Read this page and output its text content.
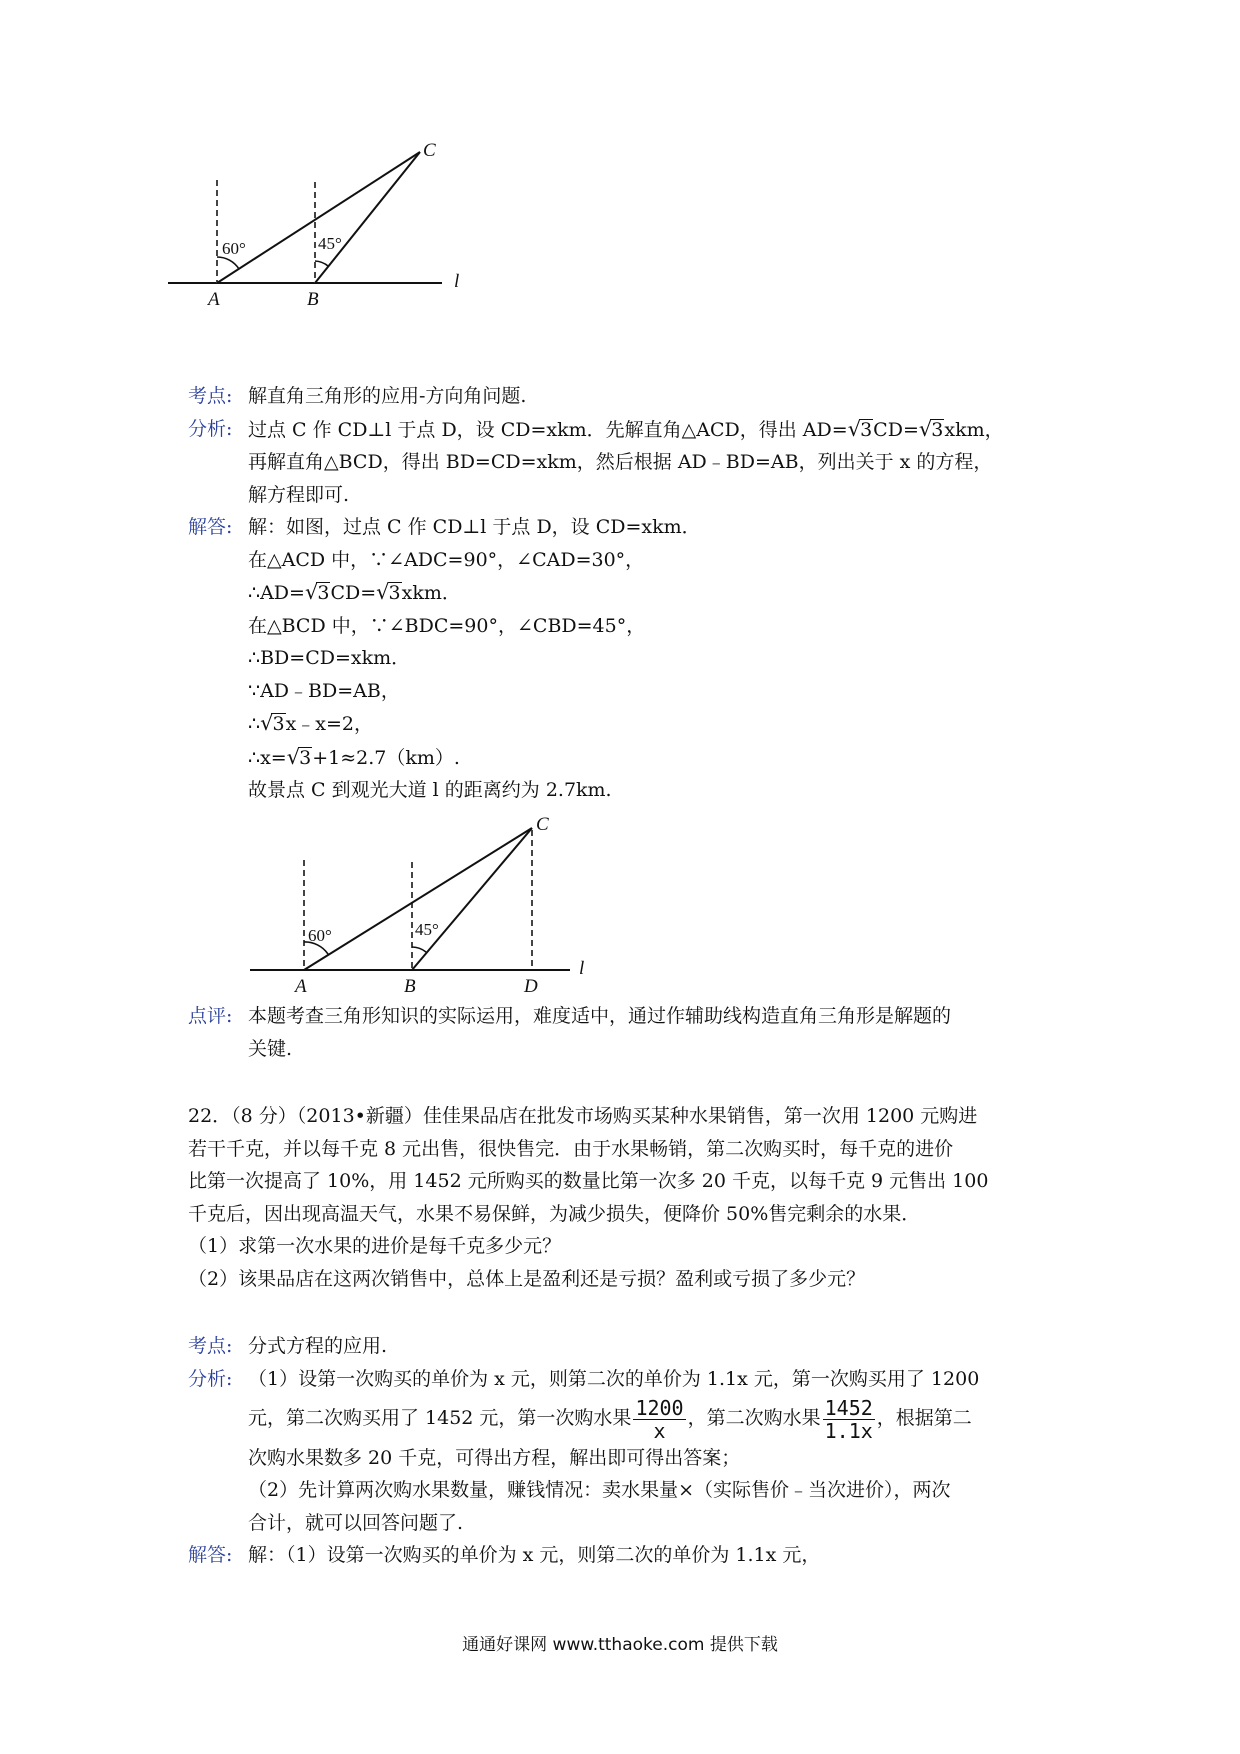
60°	45°
A	B
C
l
考点: 解直角三角形的应用-方向角问题.
分析: 过点 C 作 CD⊥l 于点 D，设 CD=xkm．先解直角△ACD，得出 AD=√3CD=√3xkm，
再解直角△BCD，得出 BD=CD=xkm，然后根据 AD﹣BD=AB，列出关于 x 的方程，
解方程即可.
解答: 解：如图，过点 C 作 CD⊥l 于点 D，设 CD=xkm．
在△ACD 中，∵∠ADC=90°，∠CAD=30°，
∴AD=√3CD=√3xkm．
在△BCD 中，∵∠BDC=90°，∠CBD=45°，
∴BD=CD=xkm．
∵AD﹣BD=AB，
∴√3x﹣x=2，
∴x=√3+1≈2.7（km）.
故景点 C 到观光大道 l 的距离约为 2.7km.
60°	45°
A	B	D
C
l
点评: 本题考查三角形知识的实际运用，难度适中，通过作辅助线构造直角三角形是解题的
关键.
22．（8 分）（2013•新疆）佳佳果品店在批发市场购买某种水果销售，第一次用 1200 元购进
若干千克，并以每千克 8 元出售，很快售完．由于水果畅销，第二次购买时，每千克的进价
比第一次提高了 10%，用 1452 元所购买的数量比第一次多 20 千克，以每千克 9 元售出 100
千克后，因出现高温天气，水果不易保鲜，为减少损失，便降价 50%售完剩余的水果．
（1）求第一次水果的进价是每千克多少元？
（2）该果品店在这两次销售中，总体上是盈利还是亏损？盈利或亏损了多少元？
考点: 分式方程的应用.
分析: （1）设第一次购买的单价为 x 元，则第二次的单价为 1.1x 元，第一次购买用了 1200
元，第二次购买用了 1452 元，第一次购水果 $\frac{1200}{x}$ ，第二次购水果 $\frac{1452}{1.1x}$ ，根据第二
次购水果数多 20 千克，可得出方程，解出即可得出答案；
（2）先计算两次购水果数量，赚钱情况：卖水果量×（实际售价﹣当次进价），两次
合计，就可以回答问题了.
解答: 解：（1）设第一次购买的单价为 x 元，则第二次的单价为 1.1x 元，
通通好课网 www.tthaoke.com 提供下载
